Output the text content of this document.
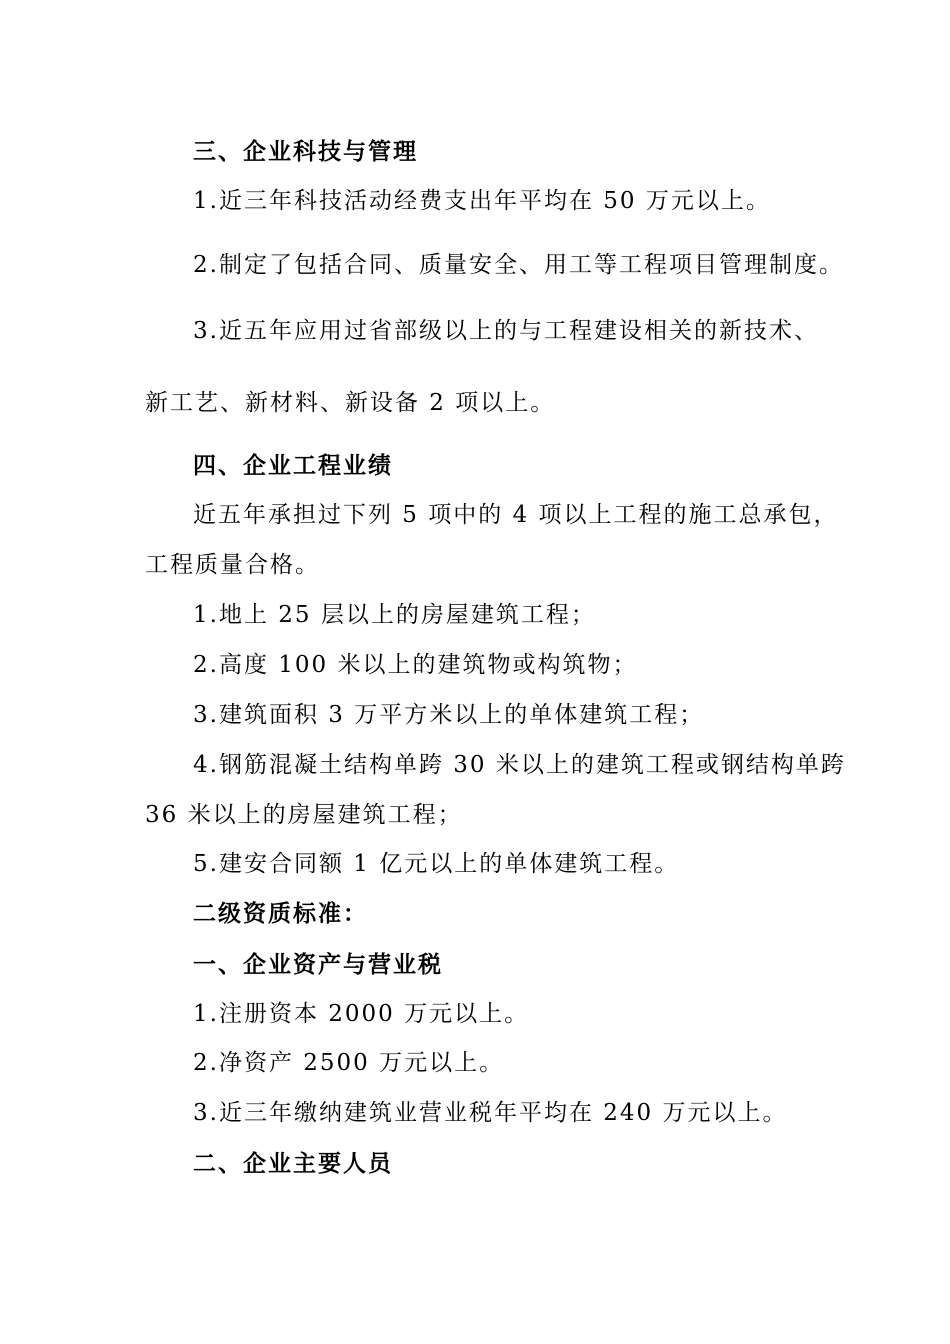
三、企业科技与管理
1.近三年科技活动经费支出年平均在 50 万元以上。
2.制定了包括合同、质量安全、用工等工程项目管理制度。
3.近五年应用过省部级以上的与工程建设相关的新技术、
新工艺、新材料、新设备 2 项以上。
四、企业工程业绩
近五年承担过下列 5 项中的 4 项以上工程的施工总承包，
工程质量合格。
1.地上 25 层以上的房屋建筑工程；
2.高度 100 米以上的建筑物或构筑物；
3.建筑面积 3 万平方米以上的单体建筑工程；
4.钢筋混凝土结构单跨 30 米以上的建筑工程或钢结构单跨
36 米以上的房屋建筑工程；
5.建安合同额 1 亿元以上的单体建筑工程。
二级资质标准：
一、企业资产与营业税
1.注册资本 2000 万元以上。
2.净资产 2500 万元以上。
3.近三年缴纳建筑业营业税年平均在 240 万元以上。
二、企业主要人员
